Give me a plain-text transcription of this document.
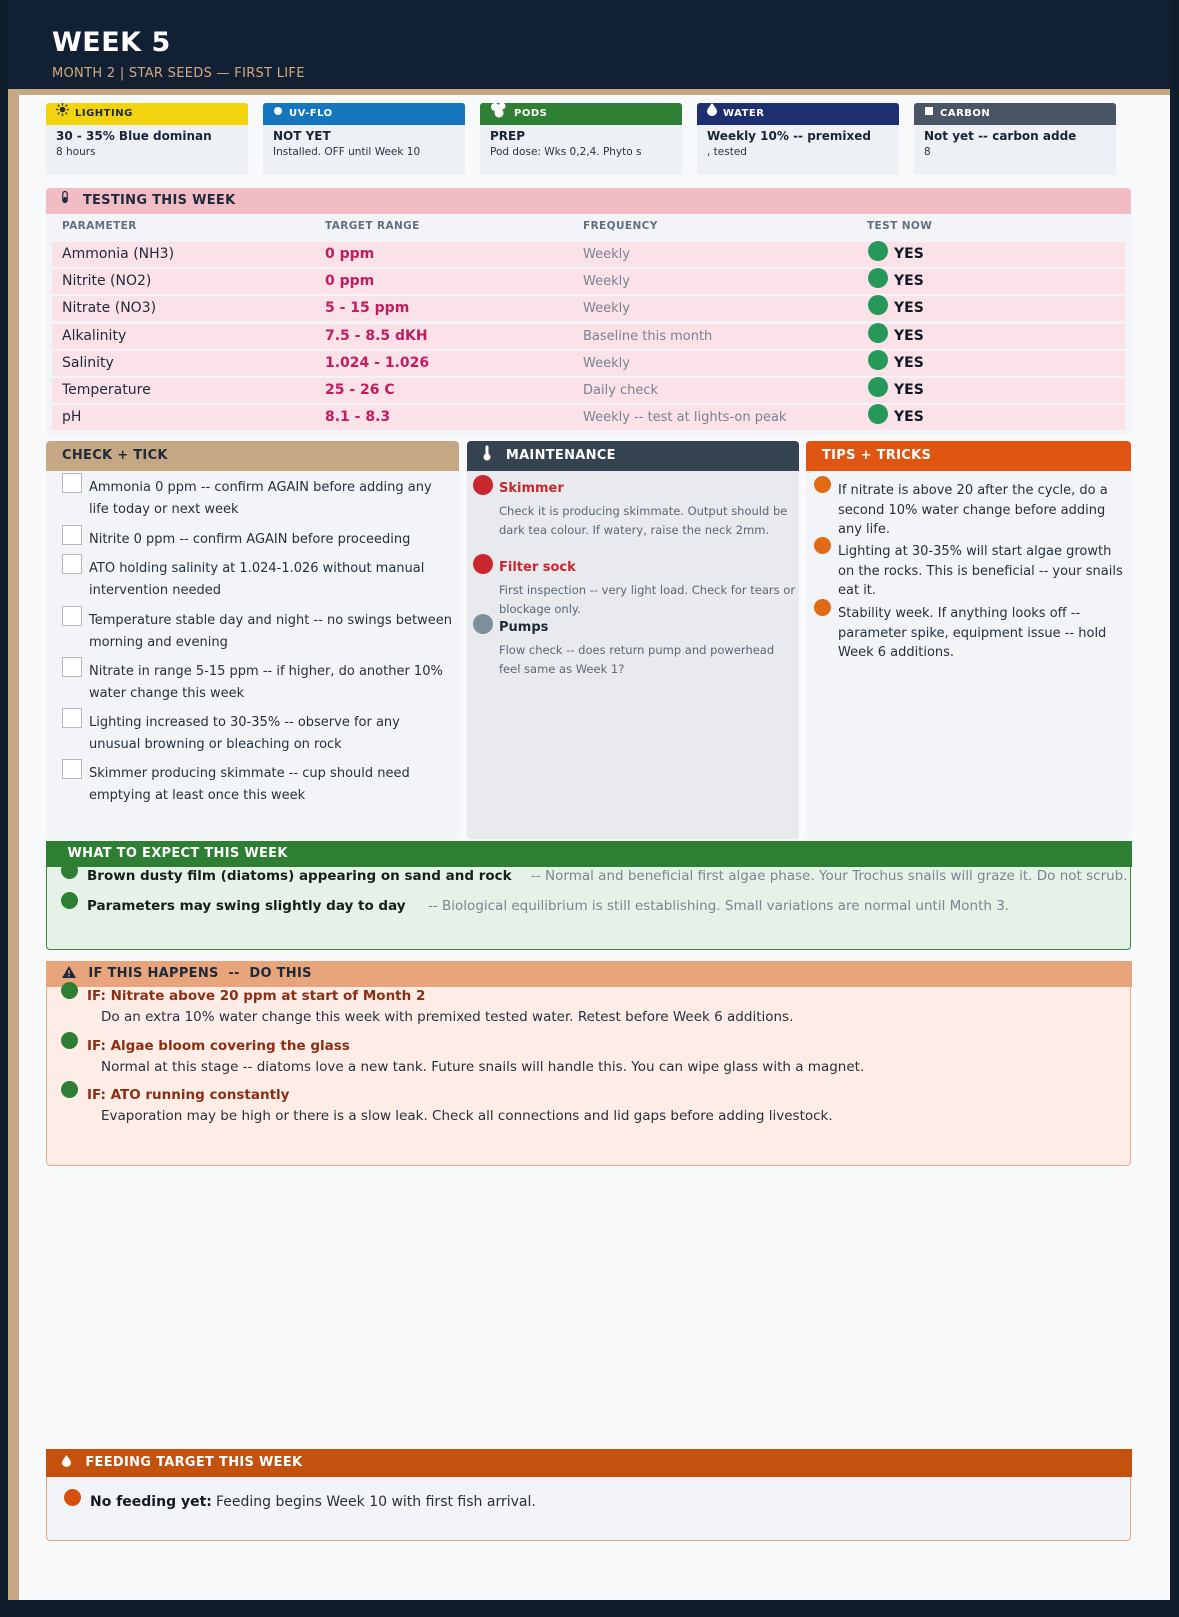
WEEK 5
MONTH 2 | STAR SEEDS — FIRST LIFE
LIGHTING
30 - 35% Blue dominan
8 hours
UV-FLO
NOT YET
Installed. OFF until Week 10
PODS
PREP
Pod dose: Wks 0,2,4. Phyto s
WATER
Weekly 10% -- premixed
, tested
CARBON
Not yet -- carbon adde
8
TESTING THIS WEEK
PARAMETER	TARGET RANGE	FREQUENCY	TEST NOW
Ammonia (NH3)	0 ppm	Weekly	YES
Nitrite (NO2)	0 ppm	Weekly	YES
Nitrate (NO3)	5 - 15 ppm	Weekly	YES
Alkalinity	7.5 - 8.5 dKH	Baseline this month	YES
Salinity	1.024 - 1.026	Weekly	YES
Temperature	25 - 26 C	Daily check	YES
pH	8.1 - 8.3	Weekly -- test at lights-on peak	YES
CHECK + TICK
Ammonia 0 ppm -- confirm AGAIN before adding any life today or next week
Nitrite 0 ppm -- confirm AGAIN before proceeding
ATO holding salinity at 1.024-1.026 without manual intervention needed
Temperature stable day and night -- no swings between morning and evening
Nitrate in range 5-15 ppm -- if higher, do another 10% water change this week
Lighting increased to 30-35% -- observe for any unusual browning or bleaching on rock
Skimmer producing skimmate -- cup should need emptying at least once this week
MAINTENANCE
Skimmer
Check it is producing skimmate. Output should be dark tea colour. If watery, raise the neck 2mm.
Filter sock
First inspection -- very light load. Check for tears or blockage only.
Pumps
Flow check -- does return pump and powerhead feel same as Week 1?
TIPS + TRICKS
If nitrate is above 20 after the cycle, do a second 10% water change before adding any life.
Lighting at 30-35% will start algae growth on the rocks. This is beneficial -- your snails eat it.
Stability week. If anything looks off -- parameter spike, equipment issue -- hold Week 6 additions.
WHAT TO EXPECT THIS WEEK
Brown dusty film (diatoms) appearing on sand and rock -- Normal and beneficial first algae phase. Your Trochus snails will graze it. Do not scrub.
Parameters may swing slightly day to day -- Biological equilibrium is still establishing. Small variations are normal until Month 3.
IF THIS HAPPENS  --  DO THIS
IF: Nitrate above 20 ppm at start of Month 2
Do an extra 10% water change this week with premixed tested water. Retest before Week 6 additions.
IF: Algae bloom covering the glass
Normal at this stage -- diatoms love a new tank. Future snails will handle this. You can wipe glass with a magnet.
IF: ATO running constantly
Evaporation may be high or there is a slow leak. Check all connections and lid gaps before adding livestock.
FEEDING TARGET THIS WEEK
No feeding yet: Feeding begins Week 10 with first fish arrival.
